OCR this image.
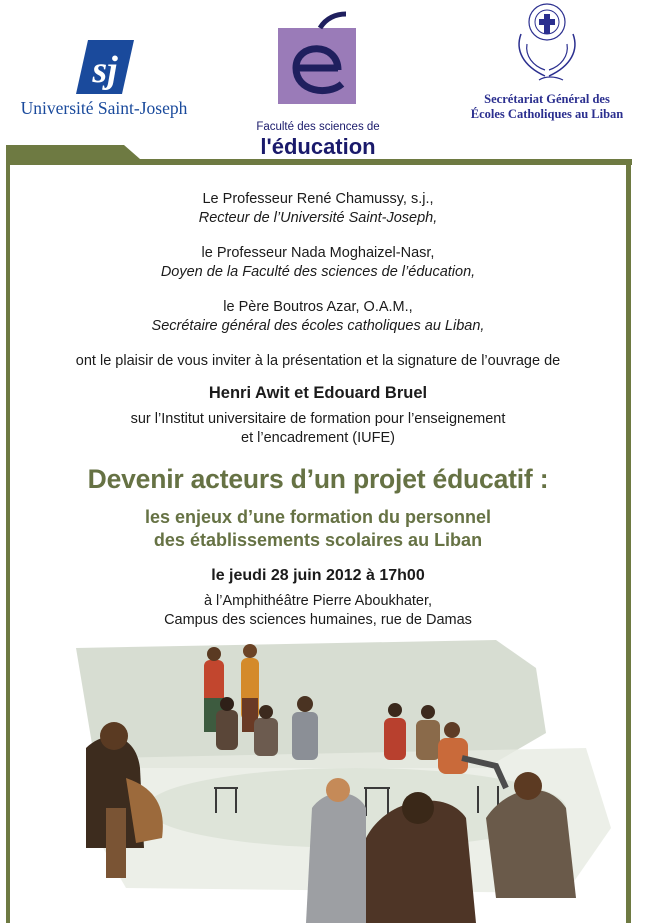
sj
Université Saint-Joseph
Faculté des sciences de
l'éducation
Secrétariat Général des
Écoles Catholiques au Liban
Le Professeur René Chamussy, s.j.,
Recteur de l’Université Saint-Joseph,
le Professeur Nada Moghaizel-Nasr,
Doyen de la Faculté des sciences de l’éducation,
le Père Boutros Azar, O.A.M.,
Secrétaire général des écoles catholiques au Liban,
ont le plaisir de vous inviter à la présentation et la signature de l’ouvrage de
Henri Awit et Edouard Bruel
sur l’Institut universitaire de formation pour l’enseignement
et l’encadrement (IUFE)
Devenir acteurs d’un projet éducatif :
les enjeux d’une formation du personnel
des établissements scolaires au Liban
le jeudi 28 juin 2012 à 17h00
à l’Amphithéâtre Pierre Aboukhater,
Campus des sciences humaines, rue de Damas
